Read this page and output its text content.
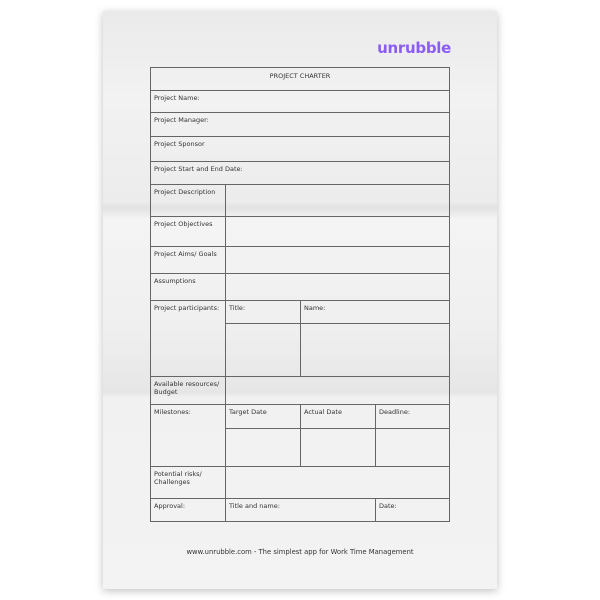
unrubble
PROJECT CHARTER
Project Name:
Project Manager:
Project Sponsor
Project Start and End Date:
Project Description
Project Objectives
Project Aims/ Goals
Assumptions
Project participants:	Title:	Name:
Available resources/ Budget
Milestones:	Target Date	Actual Date	Deadline:
Potential risks/ Challenges
Approval:	Title and name:	Date:
www.unrubble.com - The simplest app for Work Time Management
